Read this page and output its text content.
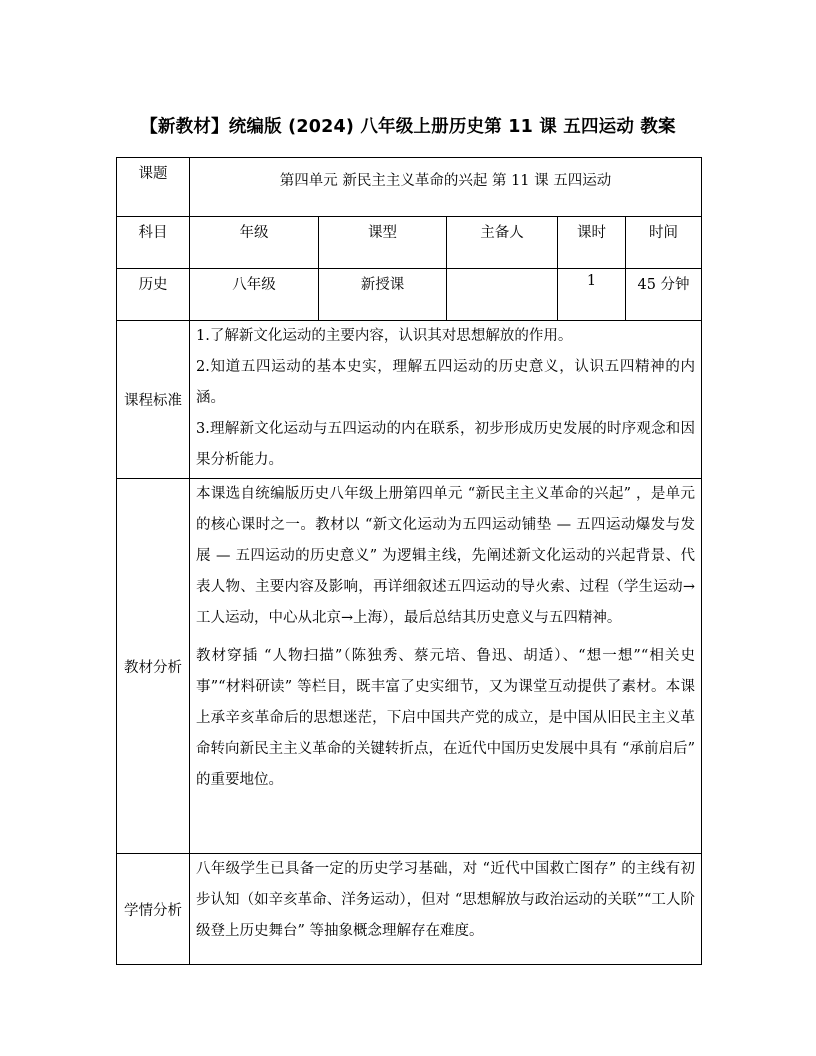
【新教材】统编版 (2024) 八年级上册历史第 11 课 五四运动 教案
课题	第四单元 新民主主义革命的兴起 第 11 课 五四运动				
科目	年级	课型	主备人	课时	时间
历史	八年级	新授课		1	45 分钟
课程标准	1.了解新文化运动的主要内容，认识其对思想解放的作用。

2.知道五四运动的基本史实，理解五四运动的历史意义，认识五四精神的内涵。

3.理解新文化运动与五四运动的内在联系，初步形成历史发展的时序观念和因果分析能力。				

教材分析	本课选自统编版历史八年级上册第四单元 “新民主主义革命的兴起” ，是单元的核心课时之一。教材以 “新文化运动为五四运动铺垫 — 五四运动爆发与发展 — 五四运动的历史意义” 为逻辑主线，先阐述新文化运动的兴起背景、代表人物、主要内容及影响，再详细叙述五四运动的导火索、过程（学生运动→工人运动，中心从北京→上海），最后总结其历史意义与五四精神。

教材穿插 “人物扫描”（陈独秀、蔡元培、鲁迅、胡适）、“想一想”“相关史事”“材料研读” 等栏目，既丰富了史实细节，又为课堂互动提供了素材。本课上承辛亥革命后的思想迷茫，下启中国共产党的成立，是中国从旧民主主义革命转向新民主主义革命的关键转折点，在近代中国历史发展中具有 “承前启后” 的重要地位。				

学情分析	八年级学生已具备一定的历史学习基础，对 “近代中国救亡图存” 的主线有初步认知（如辛亥革命、洋务运动），但对 “思想解放与政治运动的关联”“工人阶级登上历史舞台” 等抽象概念理解存在难度。				
